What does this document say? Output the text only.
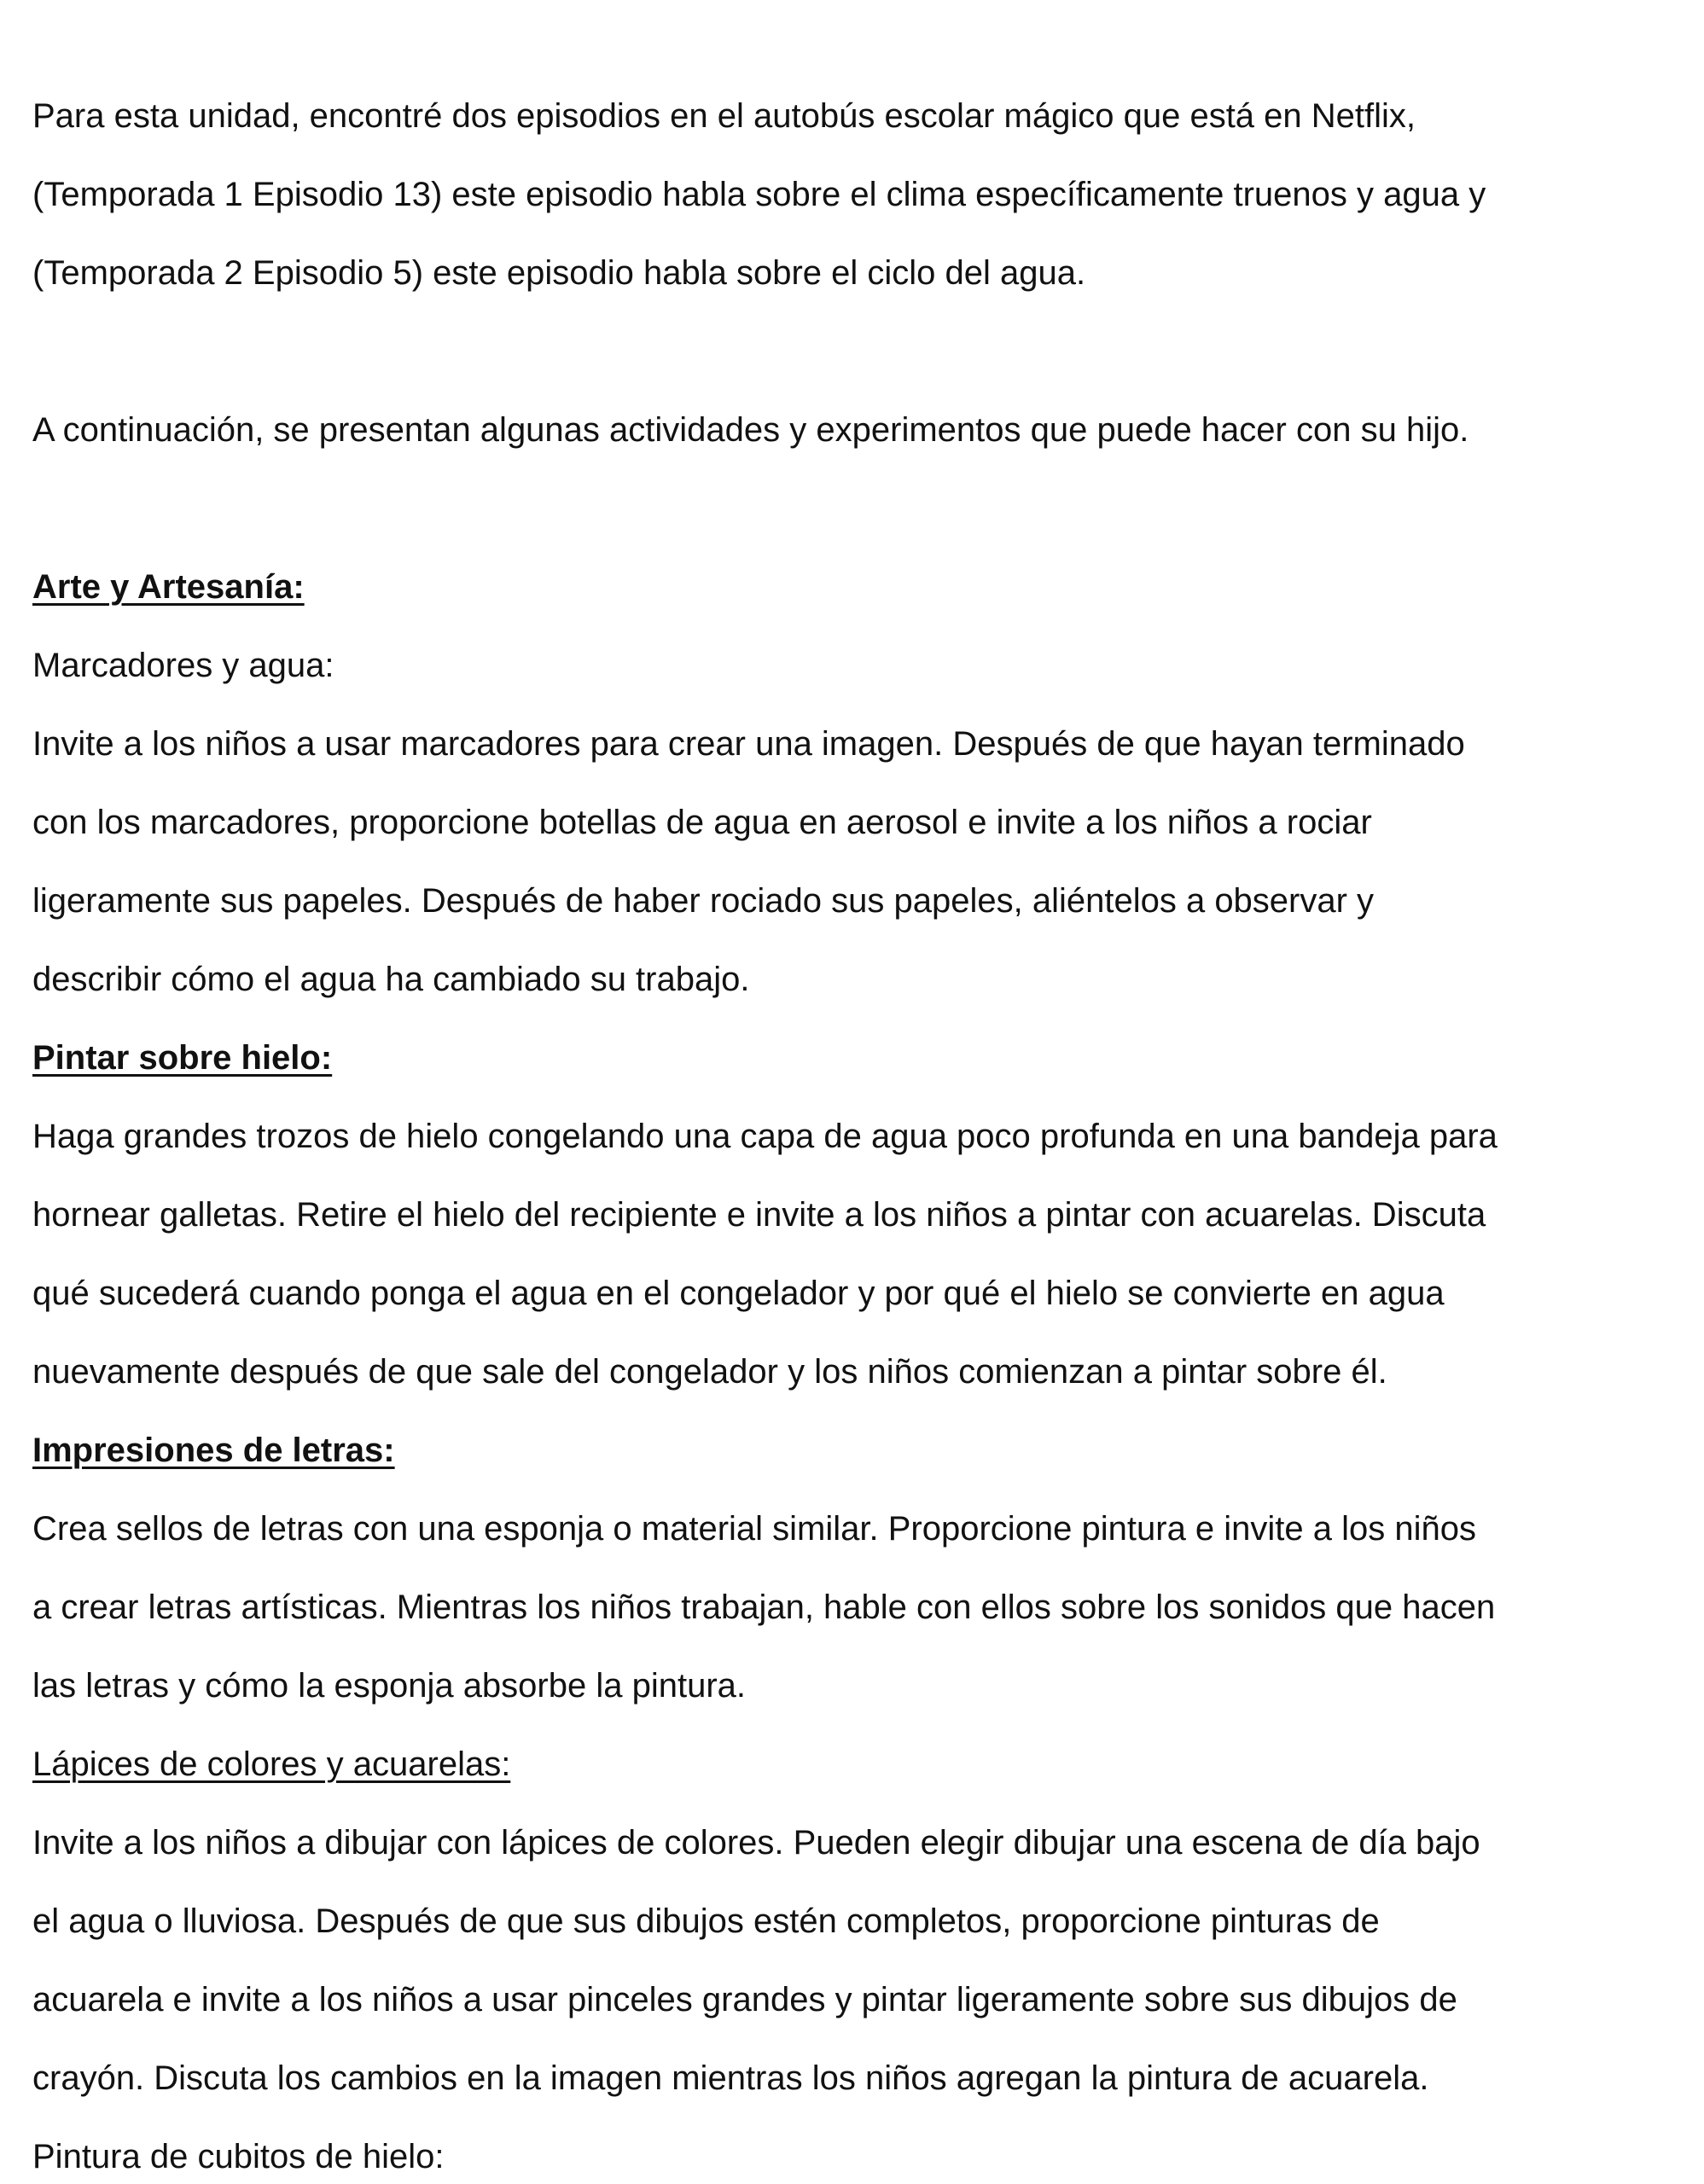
Para esta unidad, encontré dos episodios en el autobús escolar mágico que está en Netflix,

(Temporada 1 Episodio 13) este episodio habla sobre el clima específicamente truenos y agua y

(Temporada 2 Episodio 5) este episodio habla sobre el ciclo del agua.

A continuación, se presentan algunas actividades y experimentos que puede hacer con su hijo.

Arte y Artesanía:

Marcadores y agua:

Invite a los niños a usar marcadores para crear una imagen. Después de que hayan terminado

con los marcadores, proporcione botellas de agua en aerosol e invite a los niños a rociar

ligeramente sus papeles. Después de haber rociado sus papeles, aliéntelos a observar y

describir cómo el agua ha cambiado su trabajo.

Pintar sobre hielo:

Haga grandes trozos de hielo congelando una capa de agua poco profunda en una bandeja para

hornear galletas. Retire el hielo del recipiente e invite a los niños a pintar con acuarelas. Discuta

qué sucederá cuando ponga el agua en el congelador y por qué el hielo se convierte en agua

nuevamente después de que sale del congelador y los niños comienzan a pintar sobre él.

Impresiones de letras:

Crea sellos de letras con una esponja o material similar. Proporcione pintura e invite a los niños

a crear letras artísticas. Mientras los niños trabajan, hable con ellos sobre los sonidos que hacen

las letras y cómo la esponja absorbe la pintura.

Lápices de colores y acuarelas:

Invite a los niños a dibujar con lápices de colores. Pueden elegir dibujar una escena de día bajo

el agua o lluviosa. Después de que sus dibujos estén completos, proporcione pinturas de

acuarela e invite a los niños a usar pinceles grandes y pintar ligeramente sobre sus dibujos de

crayón. Discuta los cambios en la imagen mientras los niños agregan la pintura de acuarela.

Pintura de cubitos de hielo:
